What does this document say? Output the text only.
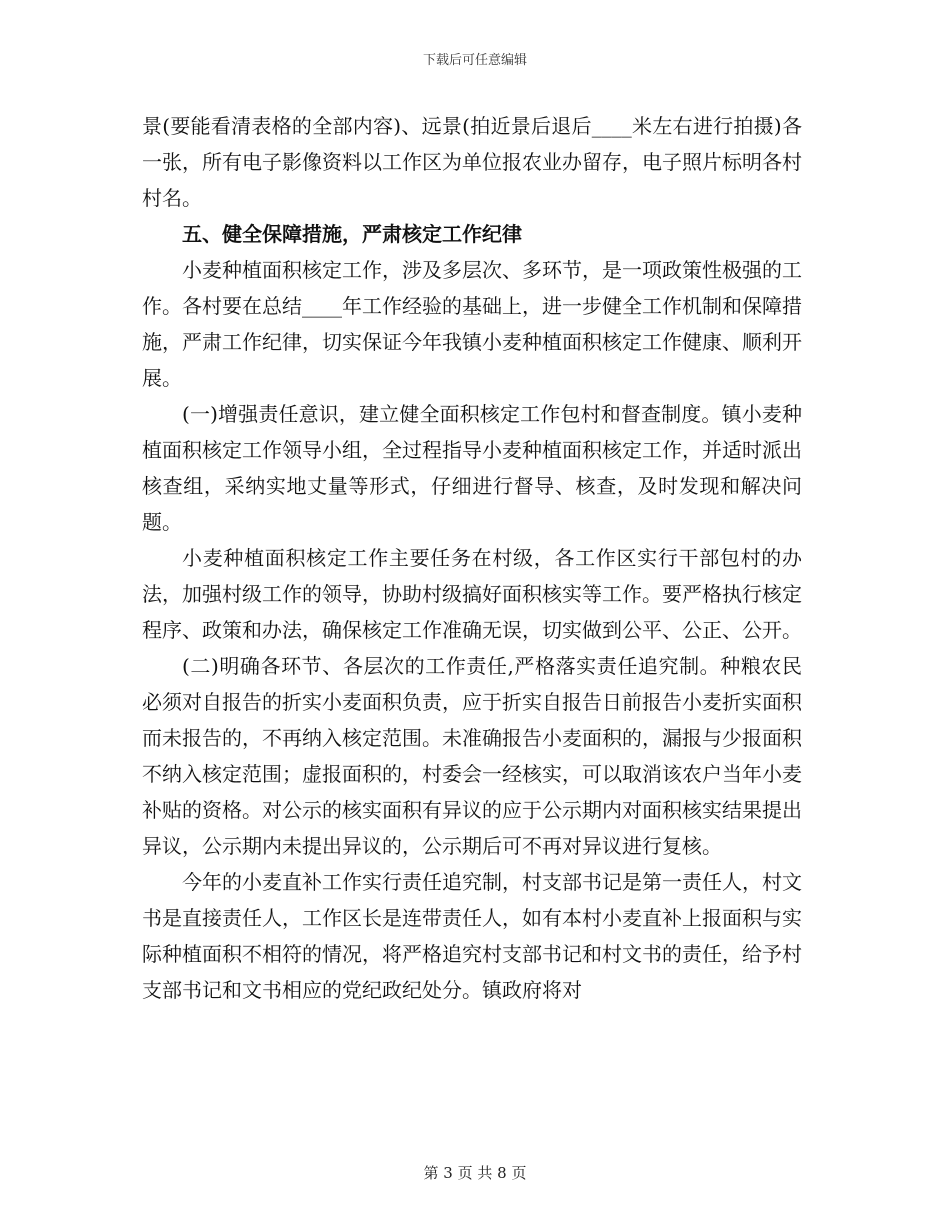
下载后可任意编辑

景(要能看清表格的全部内容)、远景(拍近景后退后____米左右进行拍摄)各一张，所有电子影像资料以工作区为单位报农业办留存，电子照片标明各村村名。

五、健全保障措施，严肃核定工作纪律

小麦种植面积核定工作，涉及多层次、多环节，是一项政策性极强的工作。各村要在总结____年工作经验的基础上，进一步健全工作机制和保障措施，严肃工作纪律，切实保证今年我镇小麦种植面积核定工作健康、顺利开展。

(一)增强责任意识，建立健全面积核定工作包村和督查制度。镇小麦种植面积核定工作领导小组，全过程指导小麦种植面积核定工作，并适时派出核查组，采纳实地丈量等形式，仔细进行督导、核查，及时发现和解决问题。

小麦种植面积核定工作主要任务在村级，各工作区实行干部包村的办法，加强村级工作的领导，协助村级搞好面积核实等工作。要严格执行核定程序、政策和办法，确保核定工作准确无误，切实做到公平、公正、公开。

(二)明确各环节、各层次的工作责任,严格落实责任追究制。种粮农民必须对自报告的折实小麦面积负责，应于折实自报告日前报告小麦折实面积而未报告的，不再纳入核定范围。未准确报告小麦面积的，漏报与少报面积不纳入核定范围；虚报面积的，村委会一经核实，可以取消该农户当年小麦补贴的资格。对公示的核实面积有异议的应于公示期内对面积核实结果提出异议，公示期内未提出异议的，公示期后可不再对异议进行复核。

今年的小麦直补工作实行责任追究制，村支部书记是第一责任人，村文书是直接责任人，工作区长是连带责任人，如有本村小麦直补上报面积与实际种植面积不相符的情况，将严格追究村支部书记和村文书的责任，给予村支部书记和文书相应的党纪政纪处分。镇政府将对

第 3 页 共 8 页
